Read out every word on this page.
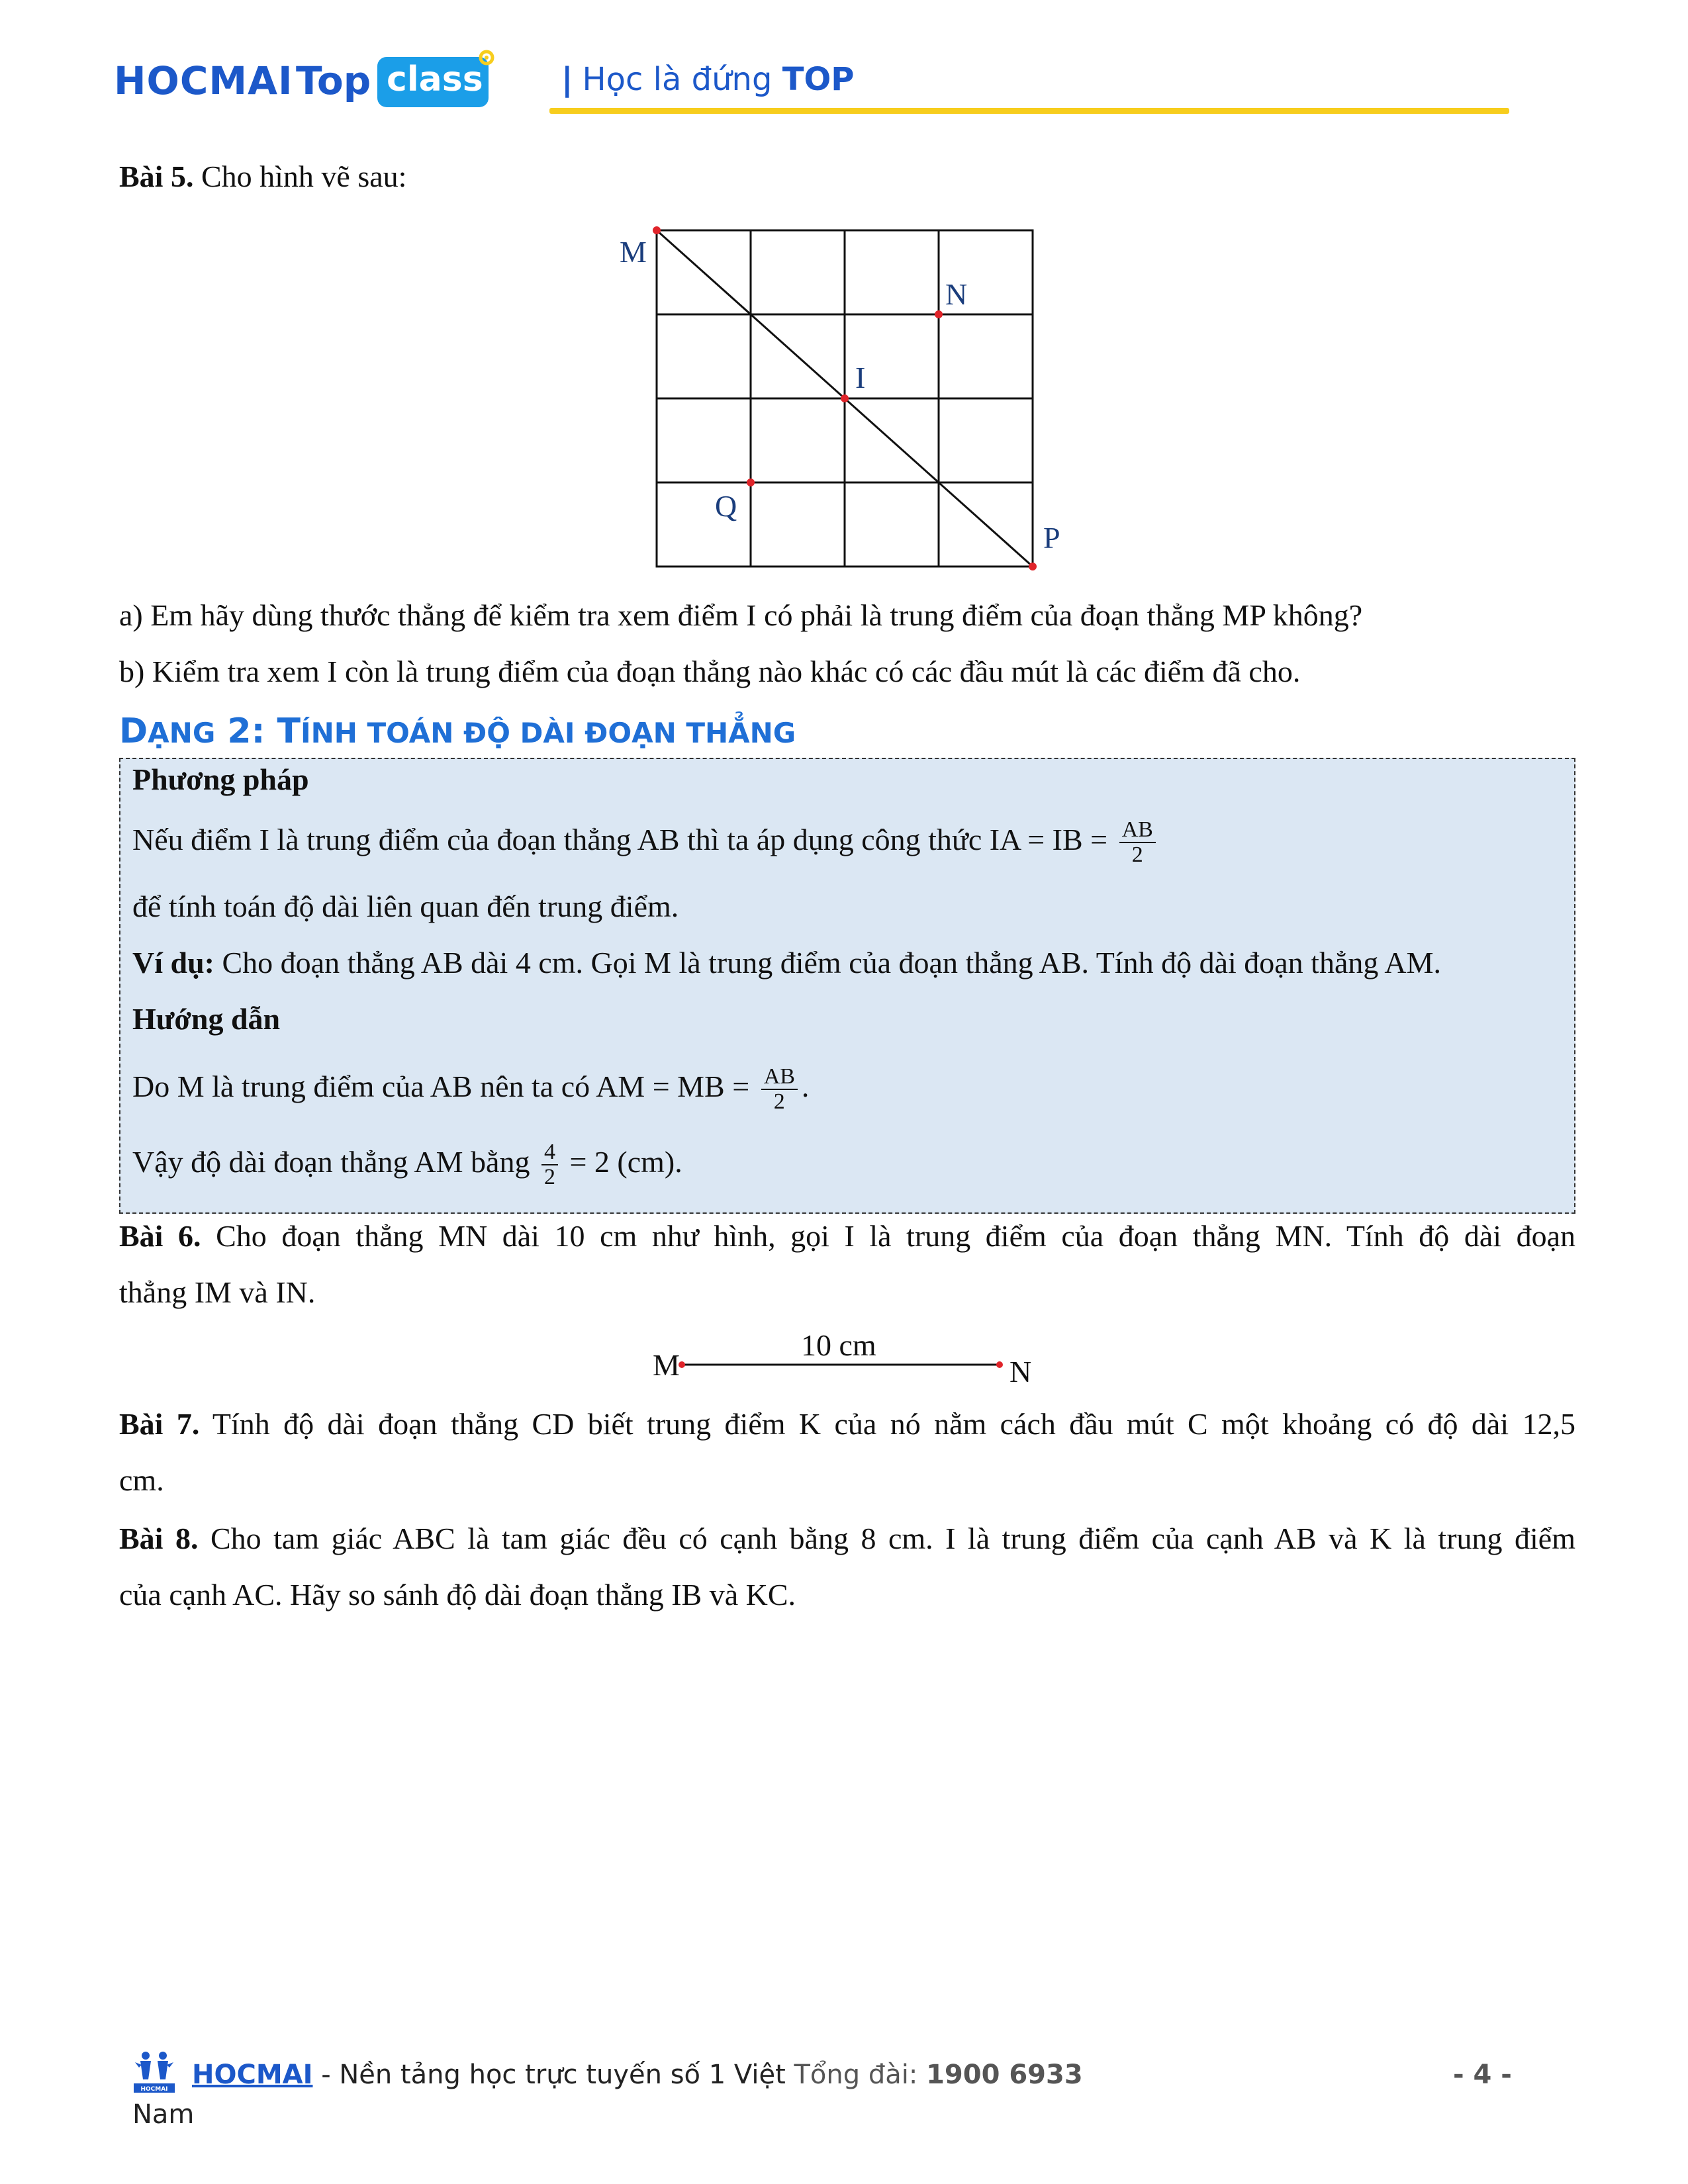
HOCMAI Top class | Học là đứng TOP
Bài 5. Cho hình vẽ sau:
M
N
I
Q
P
a) Em hãy dùng thước thẳng để kiểm tra xem điểm I có phải là trung điểm của đoạn thẳng MP không?
b) Kiểm tra xem I còn là trung điểm của đoạn thẳng nào khác có các đầu mút là các điểm đã cho.
DẠNG 2: TÍNH TOÁN ĐỘ DÀI ĐOẠN THẲNG
Phương pháp
Nếu điểm I là trung điểm của đoạn thẳng AB thì ta áp dụng công thức IA = IB = $\frac{AB}{2}$
để tính toán độ dài liên quan đến trung điểm.
Ví dụ: Cho đoạn thẳng AB dài 4 cm. Gọi M là trung điểm của đoạn thẳng AB. Tính độ dài đoạn thẳng AM.
Hướng dẫn
Do M là trung điểm của AB nên ta có AM = MB = $\frac{AB}{2}$ .
Vậy độ dài đoạn thẳng AM bằng $\frac{4}{2} = 2$ (cm).
Bài 6. Cho đoạn thẳng MN dài 10 cm như hình, gọi I là trung điểm của đoạn thẳng MN. Tính độ dài đoạn
thẳng IM và IN.
M	N
10 cm
Bài 7. Tính độ dài đoạn thẳng CD biết trung điểm K của nó nằm cách đầu mút C một khoảng có độ dài 12,5
cm.
Bài 8. Cho tam giác ABC là tam giác đều có cạnh bằng 8 cm. I là trung điểm của cạnh AB và K là trung điểm
của cạnh AC. Hãy so sánh độ dài đoạn thẳng IB và KC.
HOCMAI HOCMAI - Nền tảng học trực tuyến số 1 Việt Tổng đài: 1900 6933	- 4 -
Nam
